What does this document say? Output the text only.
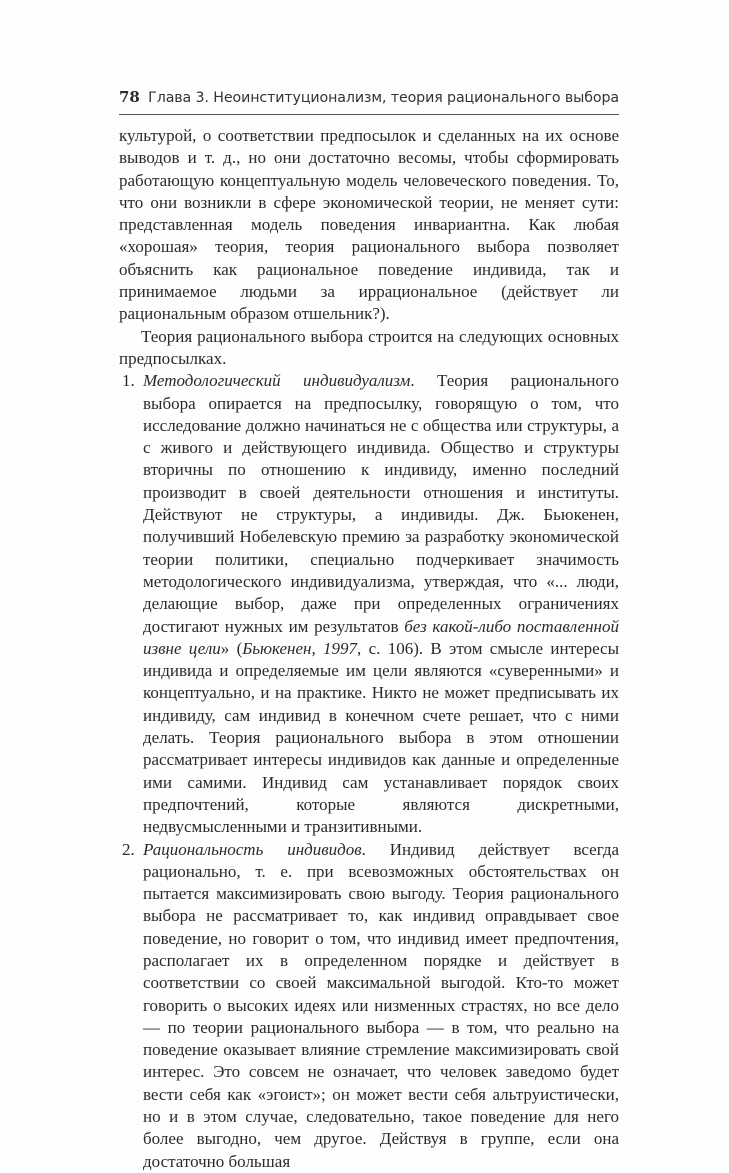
78 Глава 3. Неоинституционализм, теория рационального выбора

культурой, о соответствии предпосылок и сделанных на их основе выводов и т. д., но они достаточно весомы, чтобы сформировать работающую концептуальную модель человеческого поведения. То, что они возникли в сфере экономической теории, не меняет сути: представленная модель поведения инвариантна. Как любая «хорошая» теория, теория рационального выбора позволяет объяснить как рациональное поведение индивида, так и принимаемое людьми за иррациональное (действует ли рациональным образом отшельник?).

Теория рационального выбора строится на следующих основных предпосылках.

1. Методологический индивидуализм. Теория рационального выбора опирается на предпосылку, говорящую о том, что исследование должно начинаться не с общества или структуры, а с живого и действующего индивида. Общество и структуры вторичны по отношению к индивиду, именно последний производит в своей деятельности отношения и институты. Действуют не структуры, а индивиды. Дж. Бьюкенен, получивший Нобелевскую премию за разработку экономической теории политики, специально подчеркивает значимость методологического индивидуализма, утверждая, что «... люди, делающие выбор, даже при определенных ограничениях достигают нужных им результатов без какой-либо поставленной извне цели» (Бьюкенен, 1997, с. 106). В этом смысле интересы индивида и определяемые им цели являются «суверенными» и концептуально, и на практике. Никто не может предписывать их индивиду, сам индивид в конечном счете решает, что с ними делать. Теория рационального выбора в этом отношении рассматривает интересы индивидов как данные и определенные ими самими. Индивид сам устанавливает порядок своих предпочтений, которые являются дискретными, недвусмысленными и транзитивными.

2. Рациональность индивидов. Индивид действует всегда рационально, т. е. при всевозможных обстоятельствах он пытается максимизировать свою выгоду. Теория рационального выбора не рассматривает то, как индивид оправдывает свое поведение, но говорит о том, что индивид имеет предпочтения, располагает их в определенном порядке и действует в соответствии со своей максимальной выгодой. Кто-то может говорить о высоких идеях или низменных страстях, но все дело — по теории рационального выбора — в том, что реально на поведение оказывает влияние стремление максимизировать свой интерес. Это совсем не означает, что человек заведомо будет вести себя как «эгоист»; он может вести себя альтруистически, но и в этом случае, следовательно, такое поведение для него более выгодно, чем другое. Действуя в группе, если она достаточно большая
